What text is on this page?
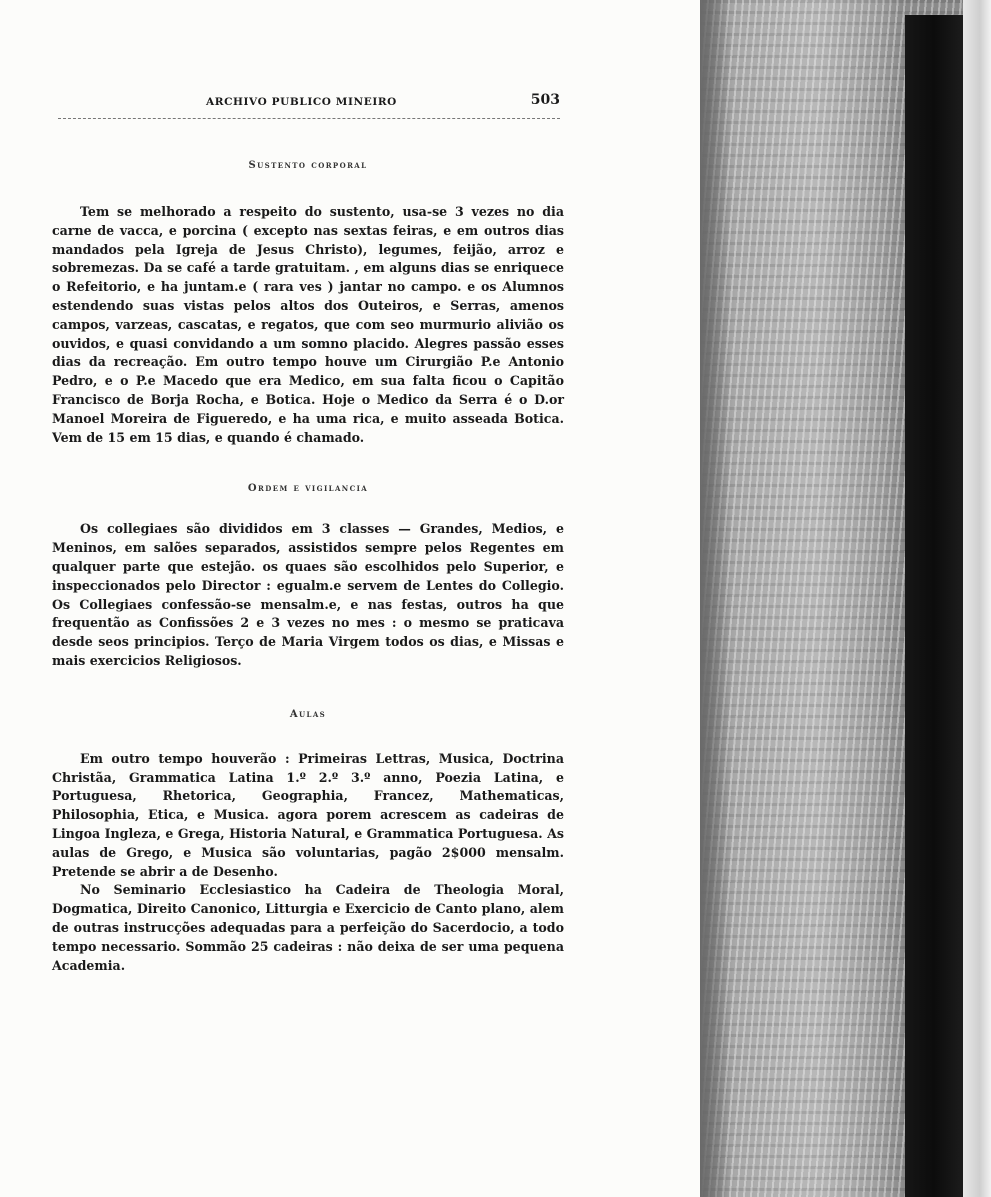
ARCHIVO PUBLICO MINEIRO	503
Sustento corporal

Tem se melhorado a respeito do sustento, usa-se 3 vezes no dia carne de vacca, e porcina ( excepto nas sextas feiras, e em outros dias mandados pela Igreja de Jesus Christo), legumes, feijão, arroz e sobremezas. Da se café a tarde gratuitam. , em alguns dias se enriquece o Refeitorio, e ha juntam.e ( rara ves ) jantar no campo. e os Alumnos estendendo suas vistas pelos altos dos Outeiros, e Serras, amenos campos, varzeas, cascatas, e regatos, que com seo murmurio alivião os ouvidos, e quasi convidando a um somno placido. Alegres passão esses dias da recreação. Em outro tempo houve um Cirurgião P.e Antonio Pedro, e o P.e Macedo que era Medico, em sua falta ficou o Capitão Francisco de Borja Rocha, e Botica. Hoje o Medico da Serra é o D.or Manoel Moreira de Figueredo, e ha uma rica, e muito asseada Botica. Vem de 15 em 15 dias, e quando é chamado.

Ordem e vigilancia

Os collegiaes são divididos em 3 classes — Grandes, Medios, e Meninos, em salões separados, assistidos sempre pelos Regentes em qualquer parte que estejão. os quaes são escolhidos pelo Superior, e inspeccionados pelo Director : egualm.e servem de Lentes do Collegio. Os Collegiaes confessão-se mensalm.e, e nas festas, outros ha que frequentão as Confissões 2 e 3 vezes no mes : o mesmo se praticava desde seos principios. Terço de Maria Virgem todos os dias, e Missas e mais exercicios Religiosos.

Aulas

Em outro tempo houverão : Primeiras Lettras, Musica, Doctrina Christãa, Grammatica Latina 1.º 2.º 3.º anno, Poezia Latina, e Portuguesa, Rhetorica, Geographia, Francez, Mathematicas, Philosophia, Etica, e Musica. agora porem acrescem as cadeiras de Lingoa Ingleza, e Grega, Historia Natural, e Grammatica Portuguesa. As aulas de Grego, e Musica são voluntarias, pagão 2$000 mensalm. Pretende se abrir a de Desenho.

No Seminario Ecclesiastico ha Cadeira de Theologia Moral, Dogmatica, Direito Canonico, Litturgia e Exercicio de Canto plano, alem de outras instrucções adequadas para a perfeição do Sacerdocio, a todo tempo necessario. Sommão 25 cadeiras : não deixa de ser uma pequena Academia.
